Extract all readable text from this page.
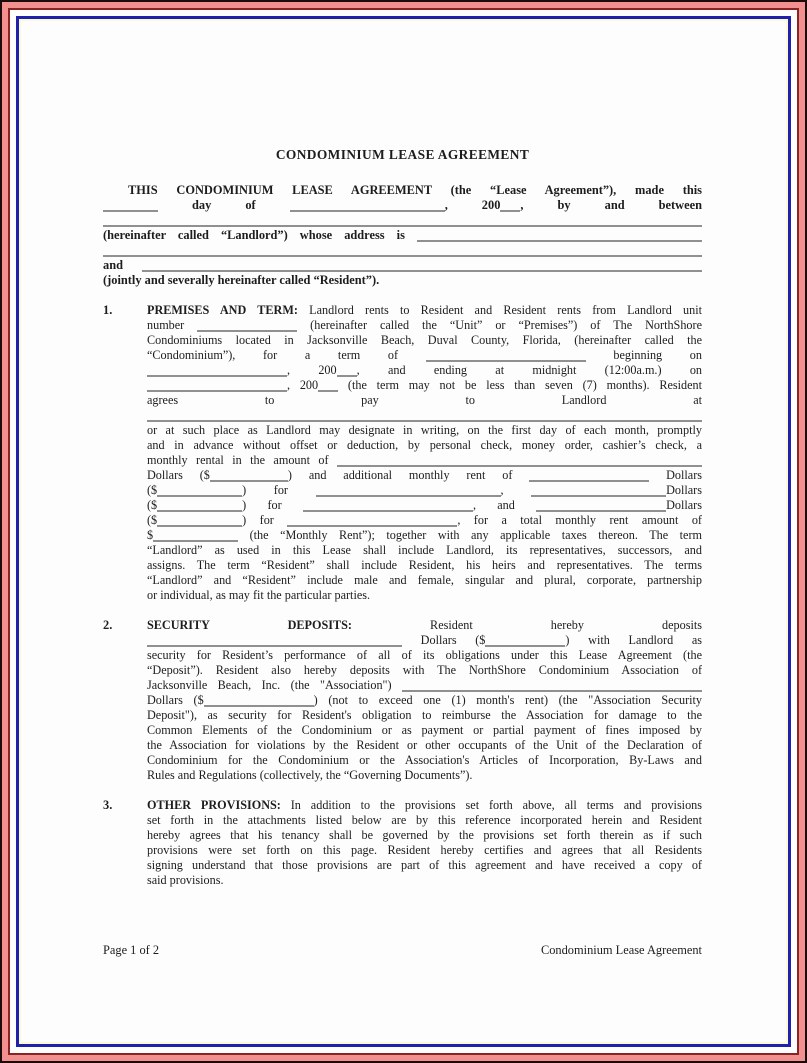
CONDOMINIUM LEASE AGREEMENT
THIS CONDOMINIUM LEASE AGREEMENT (the “Lease Agreement”), made this
day of	, 200 , by and between
(hereinafter called “Landlord”) whose address is
and
(jointly and severally hereinafter called “Resident”).
1.	PREMISES AND TERM: Landlord rents to Resident and Resident rents from Landlord unit
number	(hereinafter called the “Unit” or “Premises”) of The NorthShore
Condominiums located in Jacksonville Beach, Duval County, Florida, (hereinafter called the
“Condominium”), for a term of	beginning on
, 200 , and ending at midnight (12:00a.m.) on
, 200 (the term may not be less than seven (7) months). Resident
agrees to pay to Landlord at
or at such place as Landlord may designate in writing, on the first day of each month, promptly
and in advance without offset or deduction, by personal check, money order, cashier’s check, a
monthly rental in the amount of
Dollars ($	) and additional monthly rent of	Dollars
($	) for	,	Dollars
($	) for	, and	Dollars
($	) for	, for a total monthly rent amount of
$	(the “Monthly Rent”); together with any applicable taxes thereon. The term
“Landlord” as used in this Lease shall include Landlord, its representatives, successors, and
assigns. The term “Resident” shall include Resident, his heirs and representatives. The terms
“Landlord” and “Resident” include male and female, singular and plural, corporate, partnership
or individual, as may fit the particular parties.
2.	SECURITY DEPOSITS: Resident hereby deposits
Dollars ($	) with Landlord as
security for Resident’s performance of all of its obligations under this Lease Agreement (the
“Deposit”). Resident also hereby deposits with The NorthShore Condominium Association of
Jacksonville Beach, Inc. (the "Association")
Dollars ($	) (not to exceed one (1) month's rent) (the "Association Security
Deposit"), as security for Resident's obligation to reimburse the Association for damage to the
Common Elements of the Condominium or as payment or partial payment of fines imposed by
the Association for violations by the Resident or other occupants of the Unit of the Declaration of
Condominium for the Condominium or the Association's Articles of Incorporation, By-Laws and
Rules and Regulations (collectively, the “Governing Documents”).
3.	OTHER PROVISIONS: In addition to the provisions set forth above, all terms and provisions
set forth in the attachments listed below are by this reference incorporated herein and Resident
hereby agrees that his tenancy shall be governed by the provisions set forth therein as if such
provisions were set forth on this page. Resident hereby certifies and agrees that all Residents
signing understand that those provisions are part of this agreement and have received a copy of
said provisions.
Page 1 of 2	Condominium Lease Agreement
